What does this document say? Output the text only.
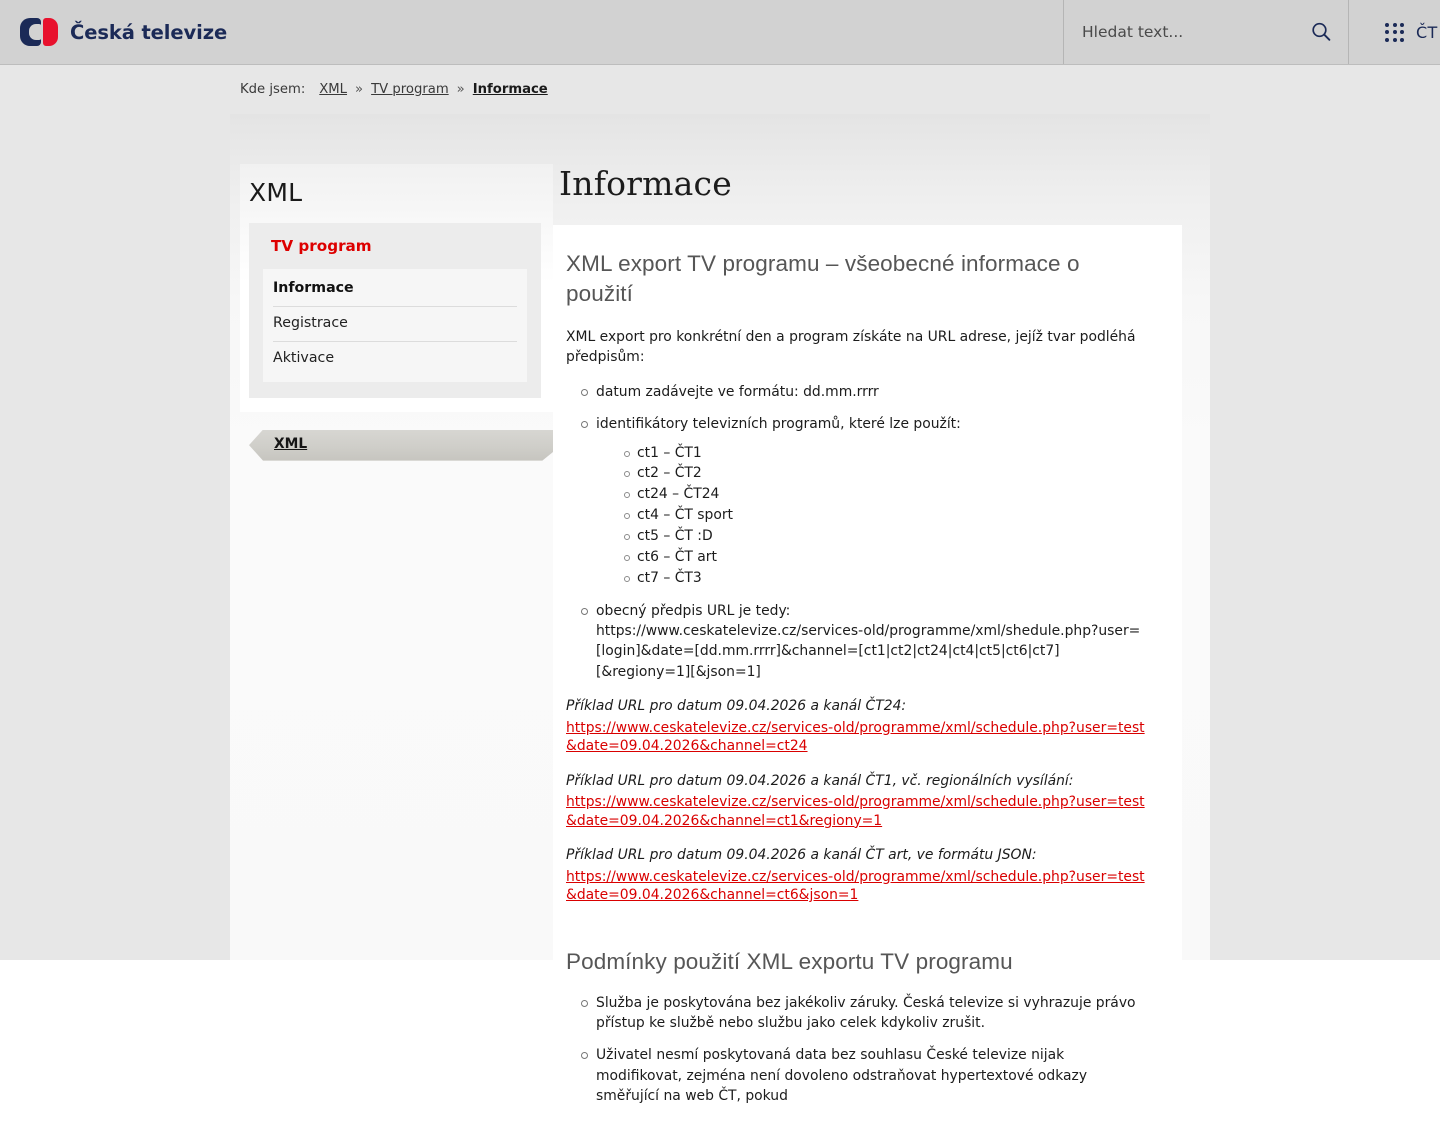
Česká televize
Hledat text...	ČT
Kde jsem: XML » TV program » Informace
XML
TV program
Informace
Registrace
Aktivace
XML
Informace
XML export TV programu – všeobecné informace o použití

XML export pro konkrétní den a program získáte na URL adrese, jejíž tvar podléhá předpisům:

datum zadávejte ve formátu: dd.mm.rrrr
identifikátory televizních programů, které lze použít:
ct1 – ČT1
ct2 – ČT2
ct24 – ČT24
ct4 – ČT sport
ct5 – ČT :D
ct6 – ČT art
ct7 – ČT3
obecný předpis URL je tedy:
https://www.ceskatelevize.cz/services-old/programme/xml/shedule.php?user=[login]&date=[dd.mm.rrrr]&channel=[ct1|ct2|ct24|ct4|ct5|ct6|ct7][&regiony=1][&json=1]

Příklad URL pro datum 09.04.2026 a kanál ČT24:

https://www.ceskatelevize.cz/services-old/programme/xml/schedule.php?user=test&date=09.04.2026&channel=ct24

Příklad URL pro datum 09.04.2026 a kanál ČT1, vč. regionálních vysílání:

https://www.ceskatelevize.cz/services-old/programme/xml/schedule.php?user=test&date=09.04.2026&channel=ct1&regiony=1

Příklad URL pro datum 09.04.2026 a kanál ČT art, ve formátu JSON:

https://www.ceskatelevize.cz/services-old/programme/xml/schedule.php?user=test&date=09.04.2026&channel=ct6&json=1
Podmínky použití XML exportu TV programu
Služba je poskytována bez jakékoliv záruky. Česká televize si vyhrazuje právo přístup ke službě nebo službu jako celek kdykoliv zrušit.
Uživatel nesmí poskytovaná data bez souhlasu České televize nijak modifikovat, zejména není dovoleno odstraňovat hypertextové odkazy směřující na web ČT, pokud
